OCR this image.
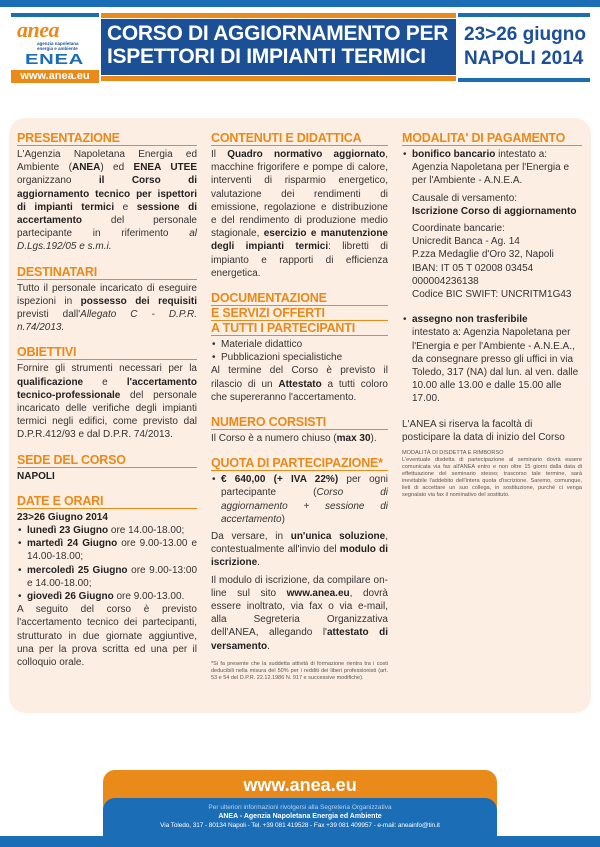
anea
agenzia napoletana energia e ambiente
ENEA
www.anea.eu
CORSO DI AGGIORNAMENTO PER
ISPETTORI DI IMPIANTI TERMICI
23>26 giugno
NAPOLI 2014
PRESENTAZIONE
L'Agenzia Napoletana Energia ed Ambiente (ANEA) ed ENEA UTEE organizzano il Corso di aggiornamento tecnico per ispettori di impianti termici e sessione di accertamento del personale partecipante in riferimento al D.Lgs.192/05 e s.m.i.
DESTINATARI
Tutto il personale incaricato di eseguire ispezioni in possesso dei requisiti previsti dall'Allegato C - D.P.R. n.74/2013.
OBIETTIVI
Fornire gli strumenti necessari per la qualificazione e l'accertamento tecnico-professionale del personale incaricato delle verifiche degli impianti termici negli edifici, come previsto dal D.P.R.412/93 e dal D.P.R. 74/2013.
SEDE DEL CORSO
NAPOLI
DATE E ORARI
23>26 Giugno 2014
• lunedì 23 Giugno ore 14.00-18.00;
• martedì 24 Giugno ore 9.00-13.00 e 14.00-18.00;
• mercoledì 25 Giugno ore 9.00-13:00 e 14.00-18.00;
• giovedì 26 Giugno ore 9.00-13.00.
A seguito del corso è previsto l'accertamento tecnico dei partecipanti, strutturato in due giornate aggiuntive, una per la prova scritta ed una per il colloquio orale.
CONTENUTI E DIDATTICA
Il Quadro normativo aggiornato, macchine frigorifere e pompe di calore, interventi di risparmio energetico, valutazione dei rendimenti di emissione, regolazione e distribuzione e del rendimento di produzione medio stagionale, esercizio e manutenzione degli impianti termici: libretti di impianto e rapporti di efficienza energetica.
DOCUMENTAZIONE
E SERVIZI OFFERTI
A TUTTI I PARTECIPANTI
• Materiale didattico
• Pubblicazioni specialistiche
Al termine del Corso è previsto il rilascio di un Attestato a tutti coloro che supereranno l'accertamento.
NUMERO CORSISTI
Il Corso è a numero chiuso (max 30).
QUOTA DI PARTECIPAZIONE*
• € 640,00 (+ IVA 22%) per ogni partecipante (Corso di aggiornamento + sessione di accertamento)
Da versare, in un'unica soluzione, contestualmente all'invio del modulo di iscrizione.
Il modulo di iscrizione, da compilare on-line sul sito www.anea.eu, dovrà essere inoltrato, via fax o via e-mail, alla Segreteria Organizzativa dell'ANEA, allegando l'attestato di versamento.
*Si fa presente che la suddetta attività di formazione rientra tra i costi deducibili nella misura del 50% per i redditi dei liberi professionisti (art. 53 e 54 del D.P.R. 22.12.1986 N. 917 e successive modifiche).
MODALITA' DI PAGAMENTO
• bonifico bancario intestato a: Agenzia Napoletana per l'Energia e per l'Ambiente - A.N.E.A.
Causale di versamento:
Iscrizione Corso di aggiornamento
Coordinate bancarie:
Unicredit Banca - Ag. 14
P.zza Medaglie d'Oro 32, Napoli
IBAN: IT 05 T 02008 03454
000004236138
Codice BIC SWIFT: UNCRITM1G43
• assegno non trasferibile
intestato a: Agenzia Napoletana per l'Energia e per l'Ambiente - A.N.E.A., da consegnare presso gli uffici in via Toledo, 317 (NA) dal lun. al ven. dalle 10.00 alle 13.00 e dalle 15.00 alle 17.00.
L'ANEA si riserva la facoltà di posticipare la data di inizio del Corso
MODALITÀ DI DISDETTA E RIMBORSO
L'eventuale disdetta di partecipazione al seminario dovrà essere comunicata via fax all'ANEA entro e non oltre 15 giorni dalla data di effettuazione del seminario stesso; trascorso tale termine, sarà inevitabile l'addebito dell'intera quota d'iscrizione. Saremo, comunque, lieti di accettare un suo collega, in sostituzione, purché ci venga segnalato via fax il nominativo del sostituto.
www.anea.eu
Per ulteriori informazioni rivolgersi alla Segreteria Organizzativa
ANEA - Agenzia Napoletana Energia ed Ambiente
Via Toledo, 317 - 80134 Napoli - Tel. +39 081 419528 - Fax +39 081 409957 - e-mail: aneainfo@tin.it
